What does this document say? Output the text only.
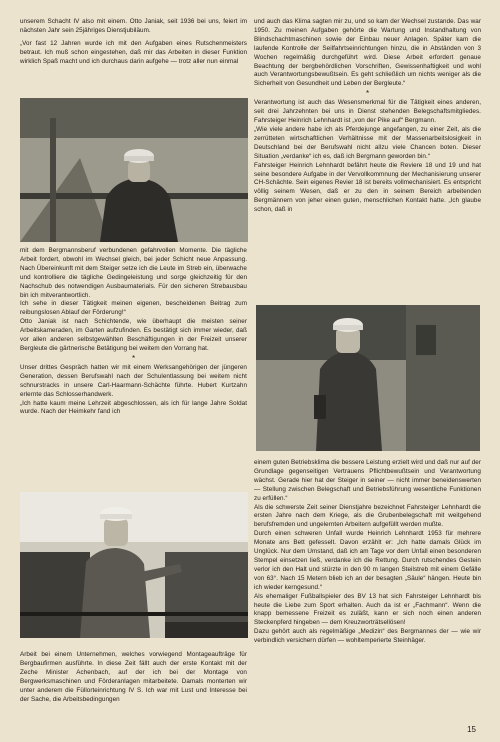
unserem Schacht IV also mit einem. Otto Janiak, seit 1936 bei uns, feiert im nächsten Jahr sein 25jähriges Dienstjubiläum.

„Vor fast 12 Jahren wurde ich mit den Aufgaben eines Rutschenmeisters betraut. Ich muß schon eingestehen, daß mir das Arbeiten in dieser Funktion wirklich Spaß macht und ich durchaus darin aufgehe — trotz aller nun einmal

mit dem Bergmannsberuf verbundenen gefahrvollen Momente. Die tägliche Arbeit fordert, obwohl im Wechsel gleich, bei jeder Schicht neue Anpassung. Nach Übereinkunft mit dem Steiger setze ich die Leute im Streb ein, überwache und kontrolliere die tägliche Gedingeleistung und sorge gleichzeitig für den Nachschub des notwendigen Ausbaumaterials. Für den sicheren Strebausbau bin ich mitverantwortlich.

Ich sehe in dieser Tätigkeit meinen eigenen, bescheidenen Beitrag zum reibungslosen Ablauf der Förderung!“

Otto Janiak ist nach Schichtende, wie überhaupt die meisten seiner Arbeitskameraden, im Garten aufzufinden. Es bestätigt sich immer wieder, daß vor allen anderen selbstgewählten Beschäftigungen in der Freizeit unserer Bergleute die gärtnerische Betätigung bei weitem den Vorrang hat.

*

Unser drittes Gespräch hatten wir mit einem Werksangehörigen der jüngeren Generation, dessen Berufswahl nach der Schulentlassung bei weitem nicht schnurstracks in unsere Carl-Haarmann-Schächte führte. Hubert Kurtzahn erlernte das Schlosserhandwerk.

„Ich hatte kaum meine Lehrzeit abgeschlossen, als ich für lange Jahre Soldat wurde. Nach der Heimkehr fand ich

Arbeit bei einem Unternehmen, welches vorwiegend Montageaufträge für Bergbaufirmen ausführte. In diese Zeit fällt auch der erste Kontakt mit der Zeche Minister Achenbach, auf der ich bei der Montage von Bergwerksmaschinen und Förderanlagen mitarbeitete. Damals monterten wir unter anderem die Füllorteinrichtung IV S. Ich war mit Lust und Interesse bei der Sache, die Arbeitsbedingungen

und auch das Klima sagten mir zu, und so kam der Wechsel zustande. Das war 1950. Zu meinen Aufgaben gehörte die Wartung und Instandhaltung von Blindschachtmaschinen sowie der Einbau neuer Anlagen. Später kam die laufende Kontrolle der Seilfahrtseinrichtungen hinzu, die in Abständen von 3 Wochen regelmäßig durchgeführt wird. Diese Arbeit erfordert genaue Beachtung der bergbehördlichen Vorschriften, Gewissenhaftigkeit und wohl auch Verantwortungsbewußtsein. Es geht schließlich um nichts weniger als die Sicherheit von Gesundheit und Leben der Bergleute.“

*

Verantwortung ist auch das Wesensmerkmal für die Tätigkeit eines anderen, seit drei Jahrzehnten bei uns in Dienst stehenden Belegschaftsmitgliedes. Fahrsteiger Heinrich Lehnhardt ist „von der Pike auf“ Bergmann.

„Wie viele andere habe ich als Pferdejunge angefangen, zu einer Zeit, als die zerrütteten wirtschaftlichen Verhältnisse mit der Massenarbeitslosigkeit in Deutschland bei der Berufswahl nicht allzu viele Chancen boten. Dieser Situation „verdanke“ ich es, daß ich Bergmann geworden bin.“

Fahrsteiger Heinrich Lehnhardt befährt heute die Reviere 18 und 19 und hat seine besondere Aufgabe in der Vervollkommnung der Mechanisierung unserer CH-Schächte. Sein eigenes Revier 18 ist bereits vollmechanisiert. Es entspricht völlig seinem Wesen, daß er zu den in seinem Bereich arbeitenden Bergmännern von jeher einen guten, menschlichen Kontakt hatte. „Ich glaube schon, daß in

einem guten Betriebsklima die bessere Leistung erzielt wird und daß nur auf der Grundlage gegenseitigen Vertrauens Pflichtbewußtsein und Verantwortung wächst. Gerade hier hat der Steiger in seiner — nicht immer beneidenswerten — Stellung zwischen Belegschaft und Betriebsführung wesentliche Funktionen zu erfüllen.“

Als die schwerste Zeit seiner Dienstjahre bezeichnet Fahrsteiger Lehnhardt die ersten Jahre nach dem Kriege, als die Grubenbelegschaft mit weitgehend berufsfremden und ungelernten Arbeitern aufgefüllt werden mußte.

Durch einen schweren Unfall wurde Heinrich Lehnhardt 1953 für mehrere Monate ans Bett gefesselt. Davon erzählt er: „Ich hatte damals Glück im Unglück. Nur dem Umstand, daß ich am Tage vor dem Unfall einen besonderen Stempel einsetzen ließ, verdanke ich die Rettung. Durch rutschendes Gestein verlor ich den Halt und stürzte in den 90 m langen Steilstreb mit einem Gefälle von 63°. Nach 15 Metern blieb ich an der besagten „Säule“ hängen. Heute bin ich wieder kerngesund.“

Als ehemaliger Fußballspieler des BV 13 hat sich Fahrsteiger Lehnhardt bis heute die Liebe zum Sport erhalten. Auch da ist er „Fachmann“. Wenn die knapp bemessene Freizeit es zuläßt, kann er sich noch einen anderen Steckenpferd hingeben — dem Kreuzworträtsellösen!

Dazu gehört auch als regelmäßige „Medizin“ des Bergmannes der — wie wir verbindlich versichern dürfen — wohltemperierte Steinhäger.

15
